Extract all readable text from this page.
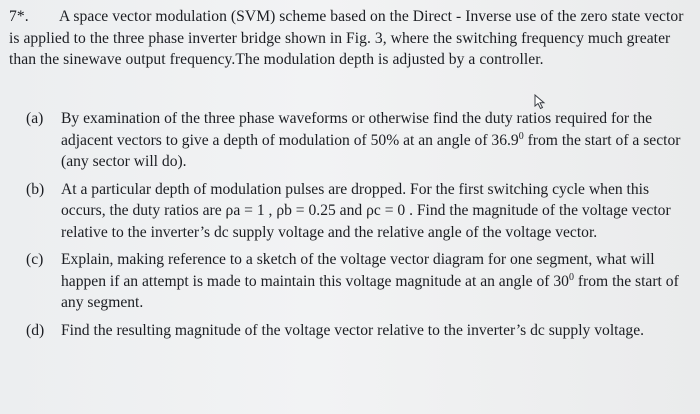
7*. A space vector modulation (SVM) scheme based on the Direct - Inverse use of the zero state vector is applied to the three phase inverter bridge shown in Fig. 3, where the switching frequency much greater than the sinewave output frequency.The modulation depth is adjusted by a controller.
(a)	By examination of the three phase waveforms or otherwise find the duty ratios required for the adjacent vectors to give a depth of modulation of 50% at an angle of 36.9$^0$ from the start of a sector (any sector will do).
(b)	At a particular depth of modulation pulses are dropped. For the first switching cycle when this occurs, the duty ratios are ρa = 1 , ρb = 0.25 and ρc = 0 . Find the magnitude of the voltage vector relative to the inverter’s dc supply voltage and the relative angle of the voltage vector.
(c)	Explain, making reference to a sketch of the voltage vector diagram for one segment, what will happen if an attempt is made to maintain this voltage magnitude at an angle of $30^0$ from the start of any segment.
(d)	Find the resulting magnitude of the voltage vector relative to the inverter’s dc supply voltage.
